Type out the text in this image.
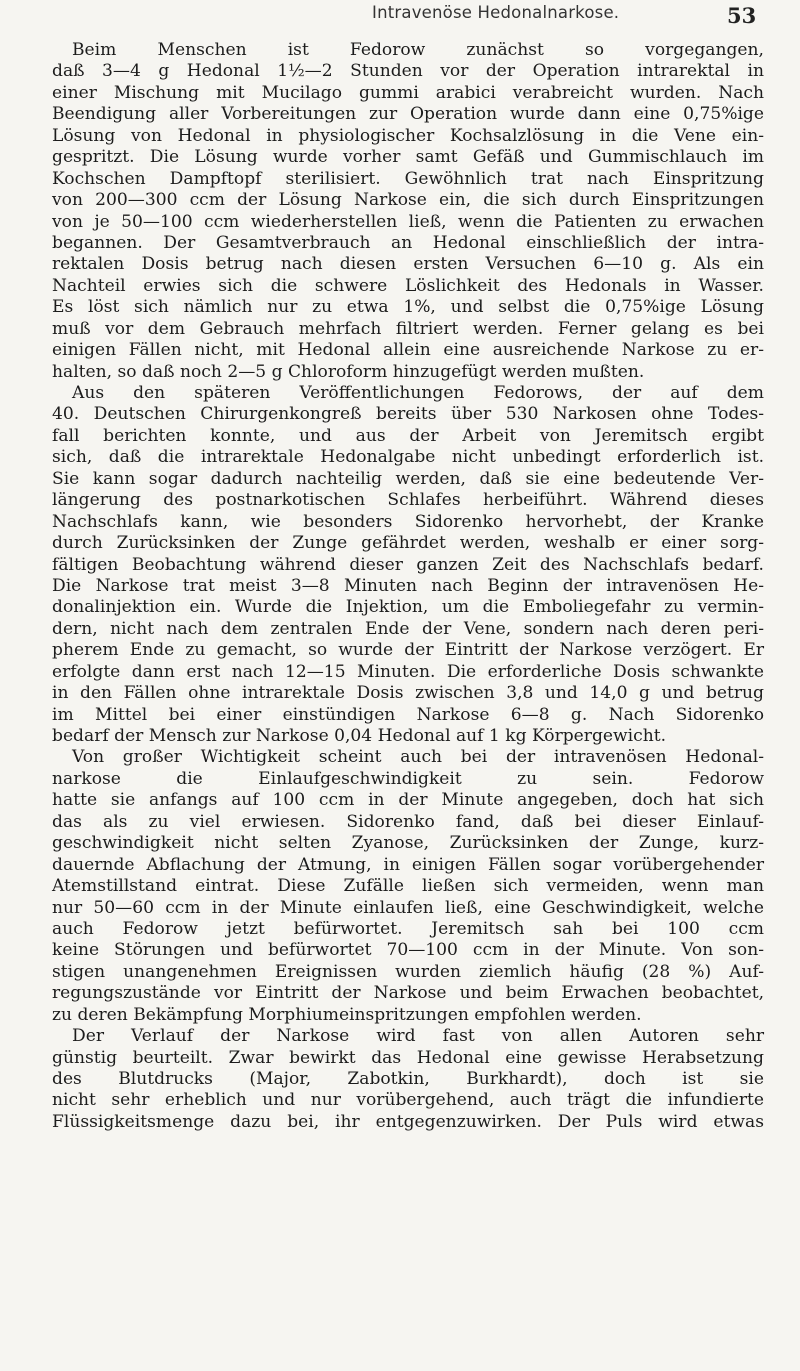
Intravenöse Hedonalnarkose.	53
Beim Menschen ist Fedorow zunächst so vorgegangen,
daß 3—4 g Hedonal 1½—2 Stunden vor der Operation intrarektal in
einer Mischung mit Mucilago gummi arabici verabreicht wurden. Nach
Beendigung aller Vorbereitungen zur Operation wurde dann eine 0,75%ige
Lösung von Hedonal in physiologischer Kochsalzlösung in die Vene ein-
gespritzt. Die Lösung wurde vorher samt Gefäß und Gummischlauch im
Kochschen Dampftopf sterilisiert. Gewöhnlich trat nach Einspritzung
von 200—300 ccm der Lösung Narkose ein, die sich durch Einspritzungen
von je 50—100 ccm wiederherstellen ließ, wenn die Patienten zu erwachen
begannen. Der Gesamtverbrauch an Hedonal einschließlich der intra-
rektalen Dosis betrug nach diesen ersten Versuchen 6—10 g. Als ein
Nachteil erwies sich die schwere Löslichkeit des Hedonals in Wasser.
Es löst sich nämlich nur zu etwa 1%, und selbst die 0,75%ige Lösung
muß vor dem Gebrauch mehrfach filtriert werden. Ferner gelang es bei
einigen Fällen nicht, mit Hedonal allein eine ausreichende Narkose zu er-
halten, so daß noch 2—5 g Chloroform hinzugefügt werden mußten.
Aus den späteren Veröffentlichungen Fedorows, der auf dem
40. Deutschen Chirurgenkongreß bereits über 530 Narkosen ohne Todes-
fall berichten konnte, und aus der Arbeit von Jeremitsch ergibt
sich, daß die intrarektale Hedonalgabe nicht unbedingt erforderlich ist.
Sie kann sogar dadurch nachteilig werden, daß sie eine bedeutende Ver-
längerung des postnarkotischen Schlafes herbeiführt. Während dieses
Nachschlafs kann, wie besonders Sidorenko hervorhebt, der Kranke
durch Zurücksinken der Zunge gefährdet werden, weshalb er einer sorg-
fältigen Beobachtung während dieser ganzen Zeit des Nachschlafs bedarf.
Die Narkose trat meist 3—8 Minuten nach Beginn der intravenösen He-
donalinjektion ein. Wurde die Injektion, um die Emboliegefahr zu vermin-
dern, nicht nach dem zentralen Ende der Vene, sondern nach deren peri-
pherem Ende zu gemacht, so wurde der Eintritt der Narkose verzögert. Er
erfolgte dann erst nach 12—15 Minuten. Die erforderliche Dosis schwankte
in den Fällen ohne intrarektale Dosis zwischen 3,8 und 14,0 g und betrug
im Mittel bei einer einstündigen Narkose 6—8 g. Nach Sidorenko
bedarf der Mensch zur Narkose 0,04 Hedonal auf 1 kg Körpergewicht.
Von großer Wichtigkeit scheint auch bei der intravenösen Hedonal-
narkose die Einlaufgeschwindigkeit zu sein. Fedorow
hatte sie anfangs auf 100 ccm in der Minute angegeben, doch hat sich
das als zu viel erwiesen. Sidorenko fand, daß bei dieser Einlauf-
geschwindigkeit nicht selten Zyanose, Zurücksinken der Zunge, kurz-
dauernde Abflachung der Atmung, in einigen Fällen sogar vorübergehender
Atemstillstand eintrat. Diese Zufälle ließen sich vermeiden, wenn man
nur 50—60 ccm in der Minute einlaufen ließ, eine Geschwindigkeit, welche
auch Fedorow jetzt befürwortet. Jeremitsch sah bei 100 ccm
keine Störungen und befürwortet 70—100 ccm in der Minute. Von son-
stigen unangenehmen Ereignissen wurden ziemlich häufig (28 %) Auf-
regungszustände vor Eintritt der Narkose und beim Erwachen beobachtet,
zu deren Bekämpfung Morphiumeinspritzungen empfohlen werden.
Der Verlauf der Narkose wird fast von allen Autoren sehr
günstig beurteilt. Zwar bewirkt das Hedonal eine gewisse Herabsetzung
des Blutdrucks (Major, Zabotkin, Burkhardt), doch ist sie
nicht sehr erheblich und nur vorübergehend, auch trägt die infundierte
Flüssigkeitsmenge dazu bei, ihr entgegenzuwirken. Der Puls wird etwas
